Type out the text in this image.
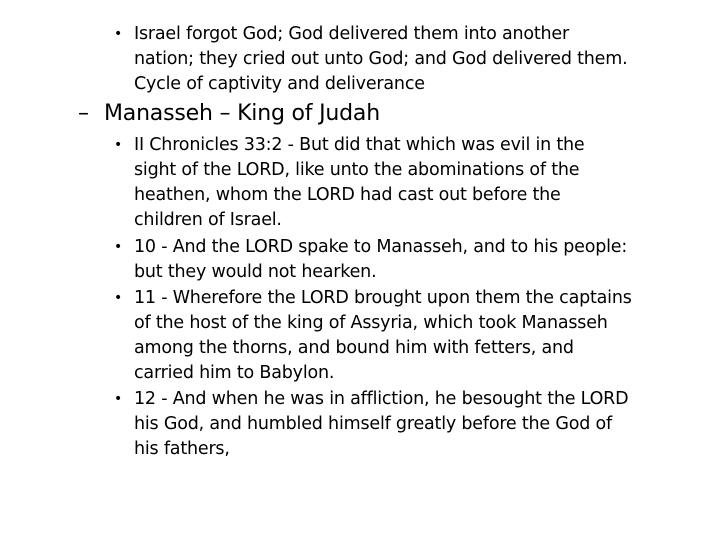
• Israel forgot God; God delivered them into another
nation; they cried out unto God; and God delivered them.
Cycle of captivity and deliverance
– Manasseh – King of Judah
• II Chronicles 33:2 - But did that which was evil in the
sight of the LORD, like unto the abominations of the
heathen, whom the LORD had cast out before the
children of Israel.
• 10 - And the LORD spake to Manasseh, and to his people:
but they would not hearken.
• 11 - Wherefore the LORD brought upon them the captains
of the host of the king of Assyria, which took Manasseh
among the thorns, and bound him with fetters, and
carried him to Babylon.
• 12 - And when he was in affliction, he besought the LORD
his God, and humbled himself greatly before the God of
his fathers,
